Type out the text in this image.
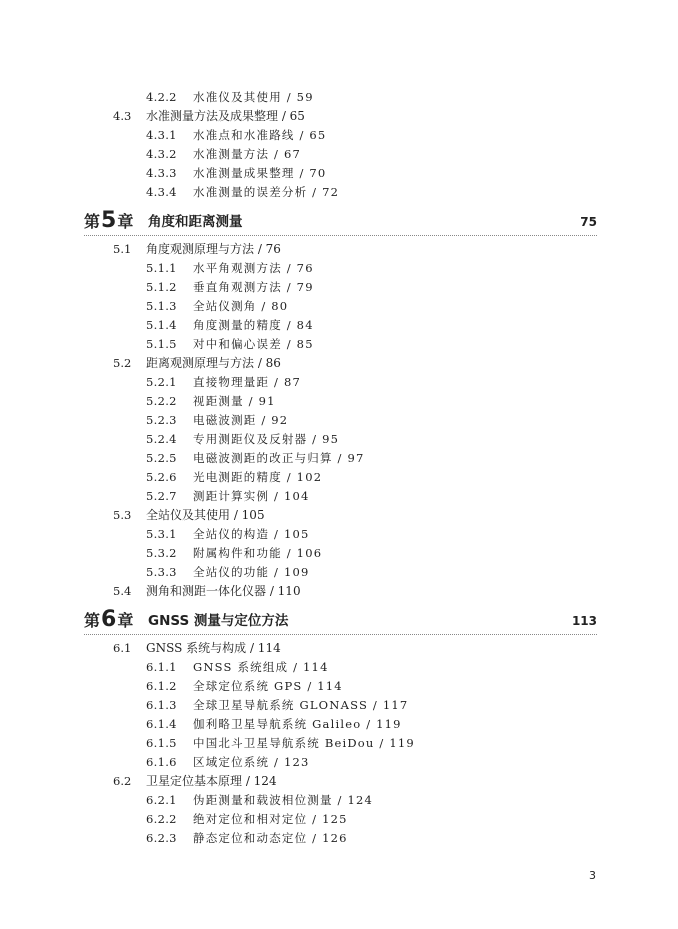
4.2.2 水准仪及其使用 / 59
4.3 水准测量方法及成果整理 / 65
4.3.1 水准点和水准路线 / 65
4.3.2 水准测量方法 / 67
4.3.3 水准测量成果整理 / 70
4.3.4 水准测量的误差分析 / 72
第5章 角度和距离测量	75
5.1 角度观测原理与方法 / 76
5.1.1 水平角观测方法 / 76
5.1.2 垂直角观测方法 / 79
5.1.3 全站仪测角 / 80
5.1.4 角度测量的精度 / 84
5.1.5 对中和偏心误差 / 85
5.2 距离观测原理与方法 / 86
5.2.1 直接物理量距 / 87
5.2.2 视距测量 / 91
5.2.3 电磁波测距 / 92
5.2.4 专用测距仪及反射器 / 95
5.2.5 电磁波测距的改正与归算 / 97
5.2.6 光电测距的精度 / 102
5.2.7 测距计算实例 / 104
5.3 全站仪及其使用 / 105
5.3.1 全站仪的构造 / 105
5.3.2 附属构件和功能 / 106
5.3.3 全站仪的功能 / 109
5.4 测角和测距一体化仪器 / 110
第6章 GNSS 测量与定位方法	113
6.1 GNSS 系统与构成 / 114
6.1.1 GNSS 系统组成 / 114
6.1.2 全球定位系统 GPS / 114
6.1.3 全球卫星导航系统 GLONASS / 117
6.1.4 伽利略卫星导航系统 Galileo / 119
6.1.5 中国北斗卫星导航系统 BeiDou / 119
6.1.6 区域定位系统 / 123
6.2 卫星定位基本原理 / 124
6.2.1 伪距测量和载波相位测量 / 124
6.2.2 绝对定位和相对定位 / 125
6.2.3 静态定位和动态定位 / 126
3
